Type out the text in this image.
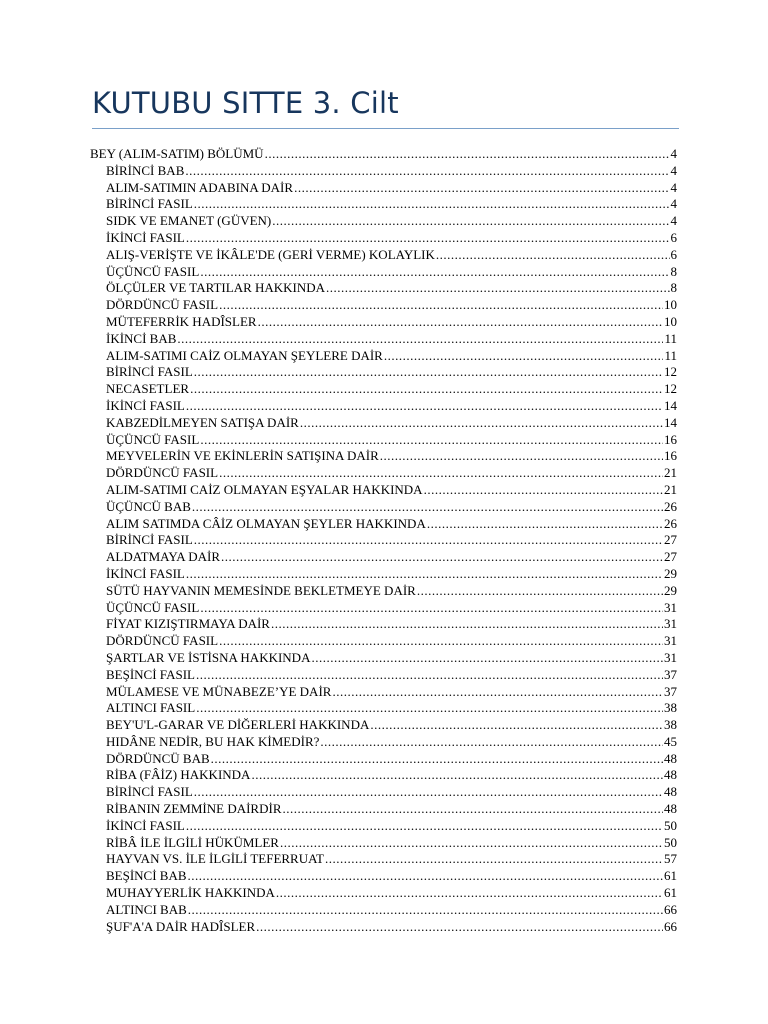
KUTUBU SITTE 3. Cilt
BEY (ALIM-SATIM) BÖLÜMÜ .....	4
BİRİNCİ BAB .....	4
ALIM-SATIMIN ADABINA DAİR .....	4
BİRİNCİ FASIL .....	4
SIDK VE EMANET (GÜVEN) .....	4
İKİNCİ FASIL .....	6
ALIŞ-VERİŞTE VE İKÂLE'DE (GERİ VERME) KOLAYLIK .....	6
ÜÇÜNCÜ FASIL .....	8
ÖLÇÜLER VE TARTILAR HAKKINDA .....	8
DÖRDÜNCÜ FASIL .....	10
MÜTEFERRİK HADÎSLER .....	10
İKİNCİ BAB .....	11
ALIM-SATIMI CAİZ OLMAYAN ŞEYLERE DAİR .....	11
BİRİNCİ FASIL .....	12
NECASETLER .....	12
İKİNCİ FASIL .....	14
KABZEDİLMEYEN SATIŞA DAİR .....	14
ÜÇÜNCÜ FASIL .....	16
MEYVELERİN VE EKİNLERİN SATIŞINA DAİR .....	16
DÖRDÜNCÜ FASIL .....	21
ALIM-SATIMI CAİZ OLMAYAN EŞYALAR HAKKINDA .....	21
ÜÇÜNCÜ BAB .....	26
ALIM SATIMDA CÂİZ OLMAYAN ŞEYLER HAKKINDA .....	26
BİRİNCİ FASIL .....	27
ALDATMAYA DAİR .....	27
İKİNCİ FASIL .....	29
SÜTÜ HAYVANIN MEMESİNDE BEKLETMEYE DAİR .....	29
ÜÇÜNCÜ FASIL .....	31
FİYAT KIZIŞTIRMAYA DAİR .....	31
DÖRDÜNCÜ FASIL .....	31
ŞARTLAR VE İSTİSNA HAKKINDA .....	31
BEŞİNCİ FASIL .....	37
MÜLAMESE VE MÜNABEZE’YE DAİR .....	37
ALTINCI FASIL .....	38
BEY'U'L-GARAR VE DİĞERLERİ HAKKINDA .....	38
HIDÂNE NEDİR, BU HAK KİMEDİR? .....	45
DÖRDÜNCÜ BAB .....	48
RİBA (FÂİZ) HAKKINDA .....	48
BİRİNCİ FASIL .....	48
RİBANIN ZEMMİNE DAİRDİR .....	48
İKİNCİ FASIL .....	50
RİBÂ İLE İLGİLİ HÜKÜMLER .....	50
HAYVAN VS. İLE İLGİLİ TEFERRUAT .....	57
BEŞİNCİ BAB .....	61
MUHAYYERLİK HAKKINDA .....	61
ALTINCI BAB .....	66
ŞUF'A'A DAİR HADÎSLER .....	66
